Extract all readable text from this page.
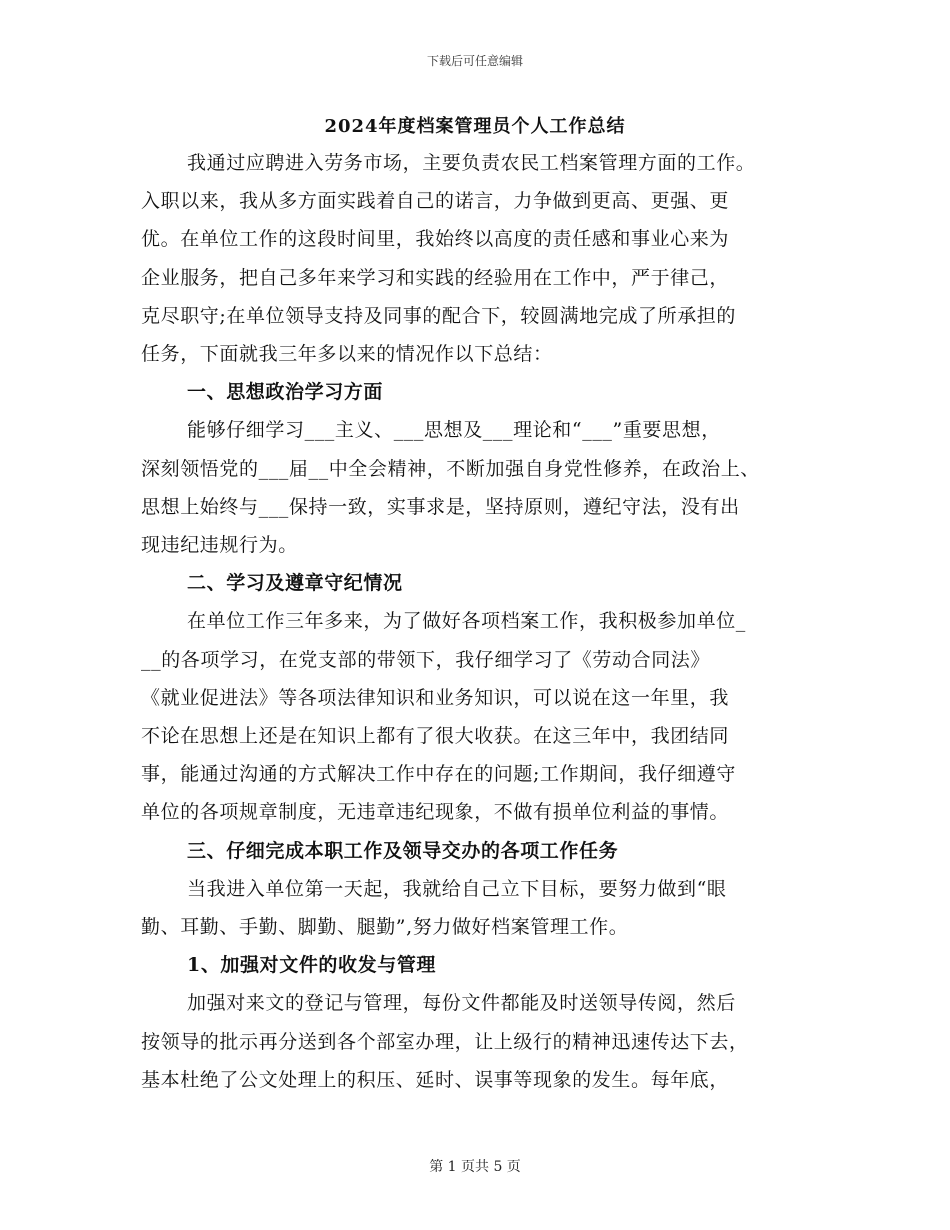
下载后可任意编辑
2024年度档案管理员个人工作总结
我通过应聘进入劳务市场，主要负责农民工档案管理方面的工作。
入职以来，我从多方面实践着自己的诺言，力争做到更高、更强、更
优。在单位工作的这段时间里，我始终以高度的责任感和事业心来为
企业服务，把自己多年来学习和实践的经验用在工作中，严于律己，
克尽职守;在单位领导支持及同事的配合下，较圆满地完成了所承担的
任务，下面就我三年多以来的情况作以下总结：
一、思想政治学习方面
能够仔细学习___主义、___思想及___理论和“___”重要思想，
深刻领悟党的___届__中全会精神，不断加强自身党性修养，在政治上、
思想上始终与___保持一致，实事求是，坚持原则，遵纪守法，没有出
现违纪违规行为。
二、学习及遵章守纪情况
在单位工作三年多来，为了做好各项档案工作，我积极参加单位_
__的各项学习，在党支部的带领下，我仔细学习了《劳动合同法》
《就业促进法》等各项法律知识和业务知识，可以说在这一年里，我
不论在思想上还是在知识上都有了很大收获。在这三年中，我团结同
事，能通过沟通的方式解决工作中存在的问题;工作期间，我仔细遵守
单位的各项规章制度，无违章违纪现象，不做有损单位利益的事情。
三、仔细完成本职工作及领导交办的各项工作任务
当我进入单位第一天起，我就给自己立下目标，要努力做到“眼
勤、耳勤、手勤、脚勤、腿勤”,努力做好档案管理工作。
1、加强对文件的收发与管理
加强对来文的登记与管理，每份文件都能及时送领导传阅，然后
按领导的批示再分送到各个部室办理，让上级行的精神迅速传达下去，
基本杜绝了公文处理上的积压、延时、误事等现象的发生。每年底，
第 1 页共 5 页
